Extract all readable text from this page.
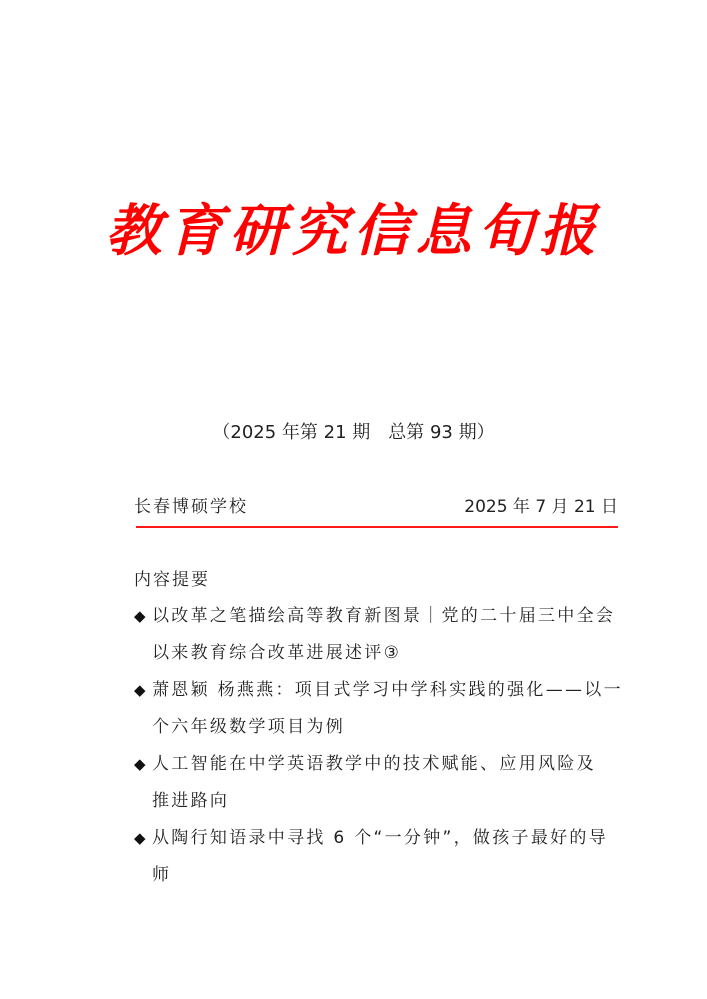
教育研究信息旬报
（2025 年第 21 期　总第 93 期）
长春博硕学校	2025 年 7 月 21 日
内容提要
◆ 以改革之笔描绘高等教育新图景｜党的二十届三中全会
以来教育综合改革进展述评③
◆ 萧恩颖 杨燕燕：项目式学习中学科实践的强化——以一
个六年级数学项目为例
◆ 人工智能在中学英语教学中的技术赋能、应用风险及
推进路向
◆ 从陶行知语录中寻找 6 个“一分钟”，做孩子最好的导师
